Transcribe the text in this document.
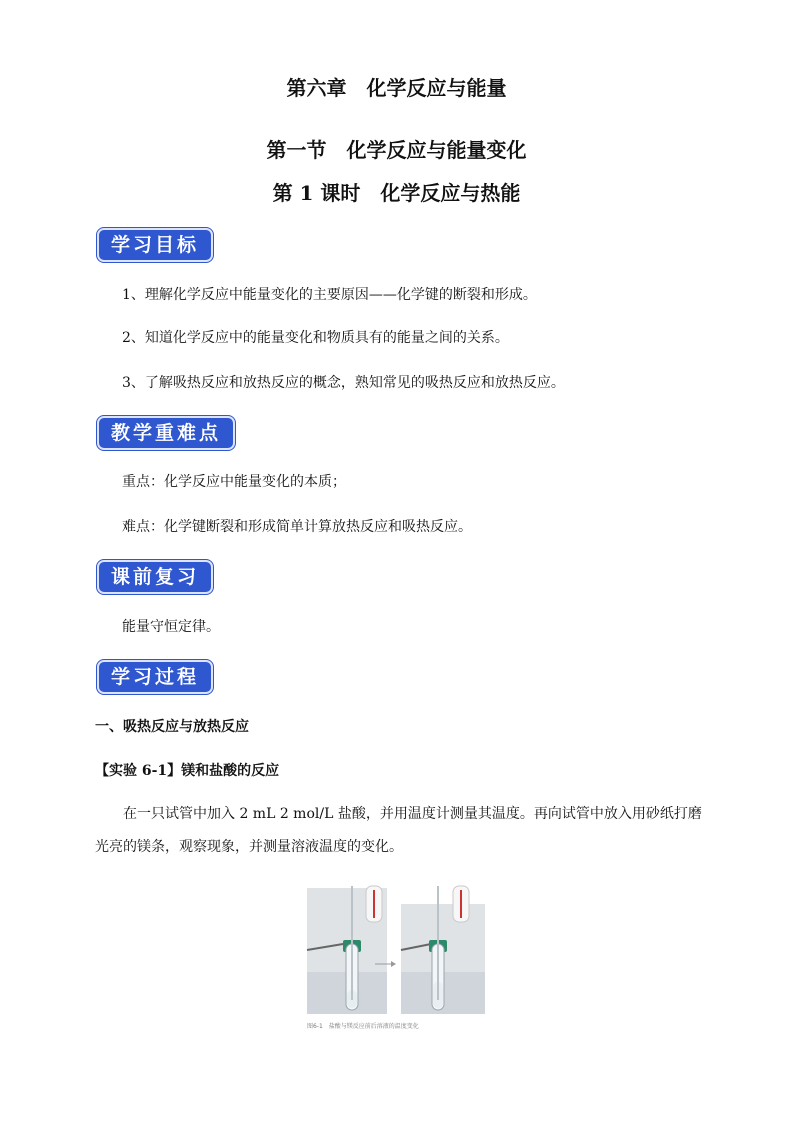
第六章　化学反应与能量
第一节　化学反应与能量变化
第 1 课时　化学反应与热能
学习目标
1、理解化学反应中能量变化的主要原因——化学键的断裂和形成。
2、知道化学反应中的能量变化和物质具有的能量之间的关系。
3、了解吸热反应和放热反应的概念，熟知常见的吸热反应和放热反应。
教学重难点
重点：化学反应中能量变化的本质；
难点：化学键断裂和形成简单计算放热反应和吸热反应。
课前复习
能量守恒定律。
学习过程
一、吸热反应与放热反应
【实验 6-1】镁和盐酸的反应
在一只试管中加入 2 mL 2 mol/L 盐酸，并用温度计测量其温度。再向试管中放入用砂纸打磨光亮的镁条，观察现象，并测量溶液温度的变化。
图6-1　盐酸与镁反应前后溶液的温度变化
